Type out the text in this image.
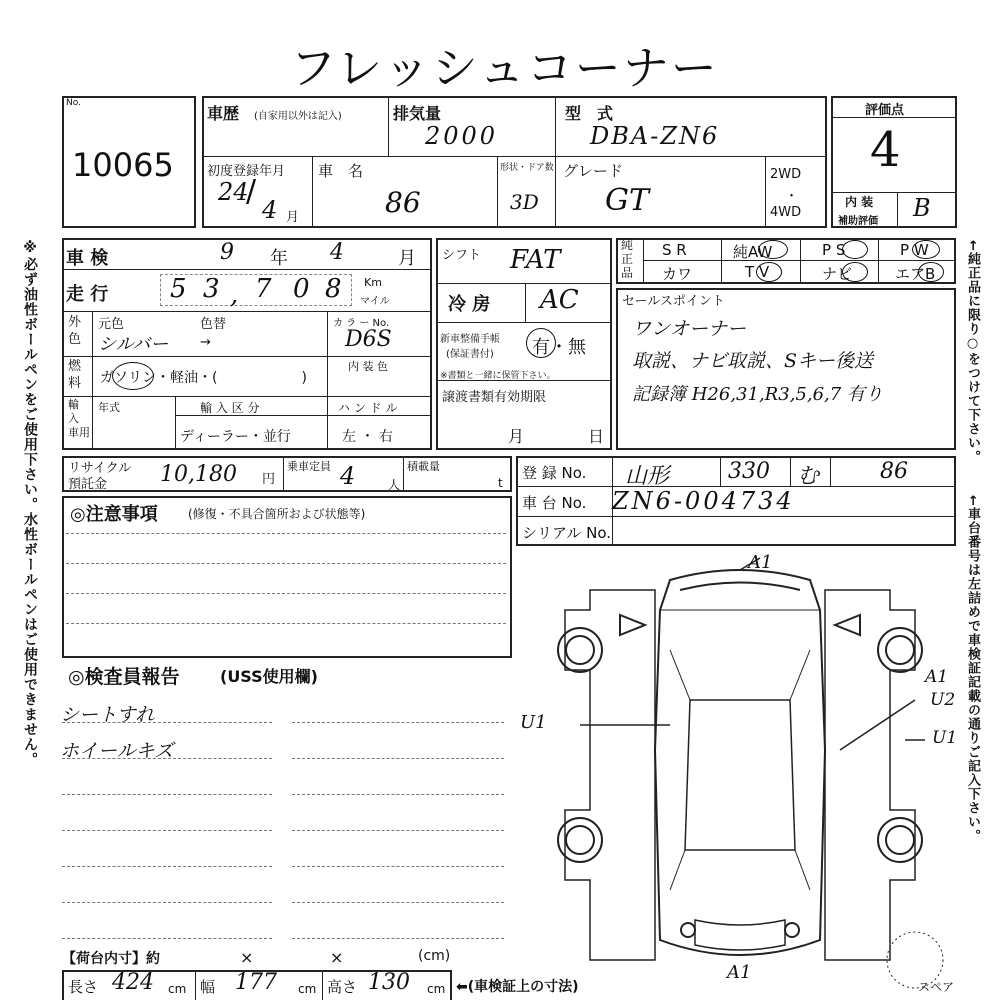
フレッシュコーナー
※必ず油性ボールペンをご使用下さい。水性ボールペンはご使用できません。	←純正品に限り○をつけて下さい。
←車台番号は左詰めで車検証記載の通りご記入下さい。
No.
10065
車歴 (自家用以外は記入)	排気量
2000
型　式
DBA-ZN6
初度登録年月
24
/
4 月
車　名
86
形状・ドア数
3D
グレード
GT
2WD
・
4WD
評価点
4
内 装
補助評価 B
車 検	9 年 4	月
走 行 5 3 , 7 0 8 Km
マイル
外
色
元色	色替
シルバー →
カ ラ ー No.
D6S
燃
料 ガソリン・軽油・(　　　　　　)
内 装 色
輸
入
車用
年式	輸 入 区 分
ディーラー・並行
ハ ン ド ル
左 ・ 右
シフト FAT
冷 房 AC
新車整備手帳
(保証書付) 有・無
※書類と一緒に保管下さい。
譲渡書類有効期限
月	日
純
正
品
S R	純AW	P S	P W
カワ	T V	ナビ	エアB
セールスポイント
ワンオーナー
取説、ナビ取説、Sキー後送
記録簿 H26,31,R3,5,6,7 有り
リサイクル
預託金 10,180 円
乗車定員 4	人
積載量
t
登 録 No. 山形	330 む	86
車 台 No. ZN6-004734
シリアル No.
◎注意事項	(修復・不具合箇所および状態等)
◎検査員報告	(USS使用欄)
シートすれ
ホイールキズ
A1
A1
U1
A1
U2
U1
スペア
【荷台内寸】約	×	×	(cm)
長さ 424 cm 幅 177 cm 高さ 130 cm ⬅(車検証上の寸法)
